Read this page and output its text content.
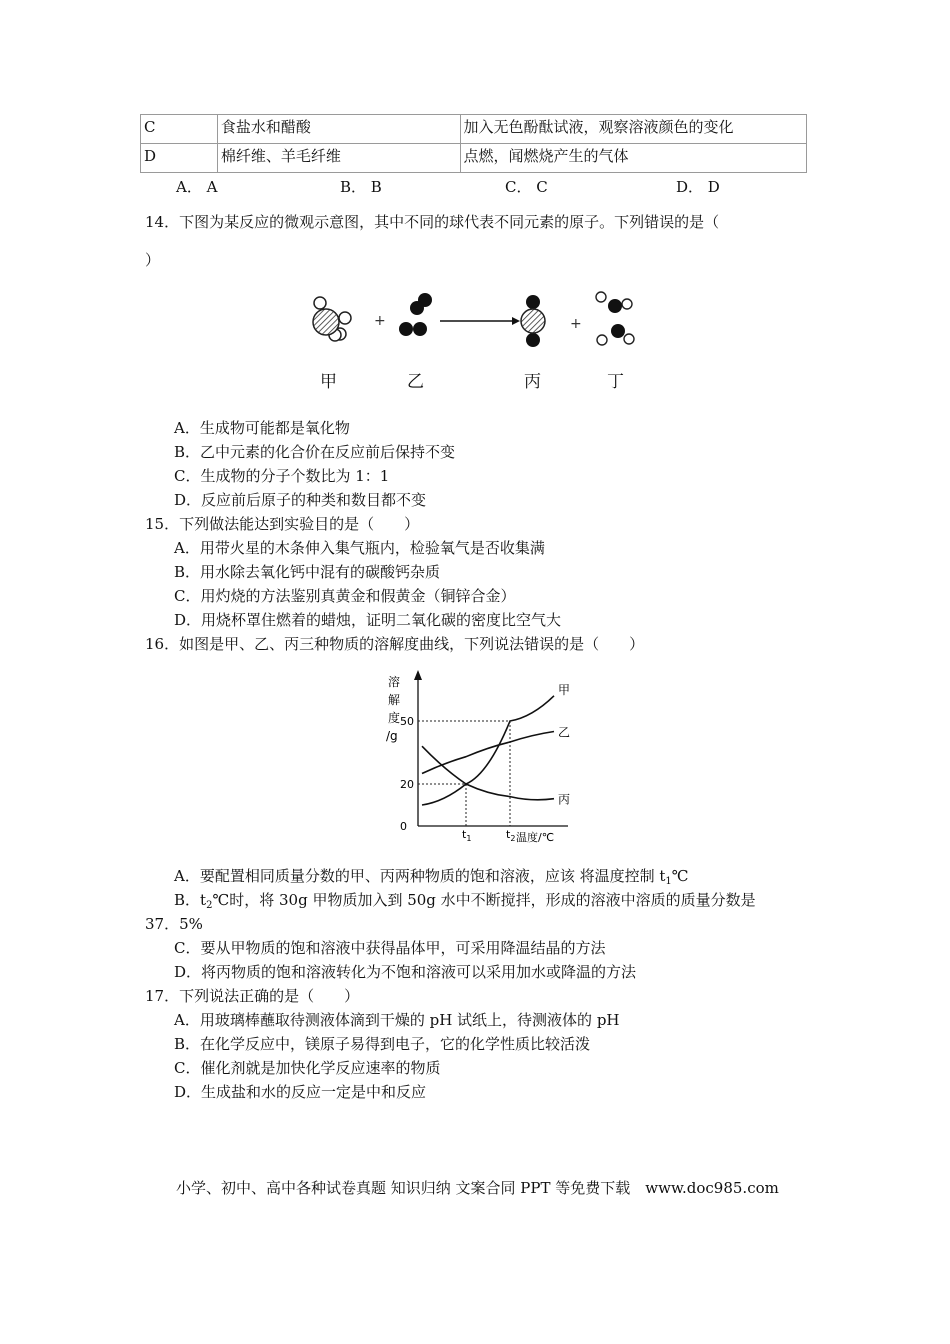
C	食盐水和醋酸	加入无色酚酞试液，观察溶液颜色的变化
D	棉纤维、羊毛纤维	点燃，闻燃烧产生的气体
A． A	B． B	C． C	D． D
14．下图为某反应的微观示意图，其中不同的球代表不同元素的原子。下列错误的是（
）
+	+
甲	乙	丙	丁
A．生成物可能都是氧化物
B．乙中元素的化合价在反应前后保持不变
C．生成物的分子个数比为 1：1
D．反应前后原子的种类和数目都不变
15．下列做法能达到实验目的是（　　）
A．用带火星的木条伸入集气瓶内，检验氧气是否收集满
B．用水除去氧化钙中混有的碳酸钙杂质
C．用灼烧的方法鉴别真黄金和假黄金（铜锌合金）
D．用烧杯罩住燃着的蜡烛，证明二氧化碳的密度比空气大
16．如图是甲、乙、丙三种物质的溶解度曲线，下列说法错误的是（　　）
甲
乙
丙
0
20
50
$t_1$	$t_2$
溶
解
度
/g
温度/℃
A．要配置相同质量分数的甲、丙两种物质的饱和溶液，应该 将温度控制 $t_1℃$
B．$t_2℃$时，将 30g 甲物质加入到 50g 水中不断搅拌，形成的溶液中溶质的质量分数是
37．5%
C．要从甲物质的饱和溶液中获得晶体甲，可采用降温结晶的方法
D．将丙物质的饱和溶液转化为不饱和溶液可以采用加水或降温的方法
17．下列说法正确的是（　　）
A．用玻璃棒蘸取待测液体滴到干燥的 pH 试纸上，待测液体的 pH
B．在化学反应中，镁原子易得到电子，它的化学性质比较活泼
C．催化剂就是加快化学反应速率的物质
D．生成盐和水的反应一定是中和反应
小学、初中、高中各种试卷真题 知识归纳 文案合同 PPT 等免费下载　www.doc985.com
